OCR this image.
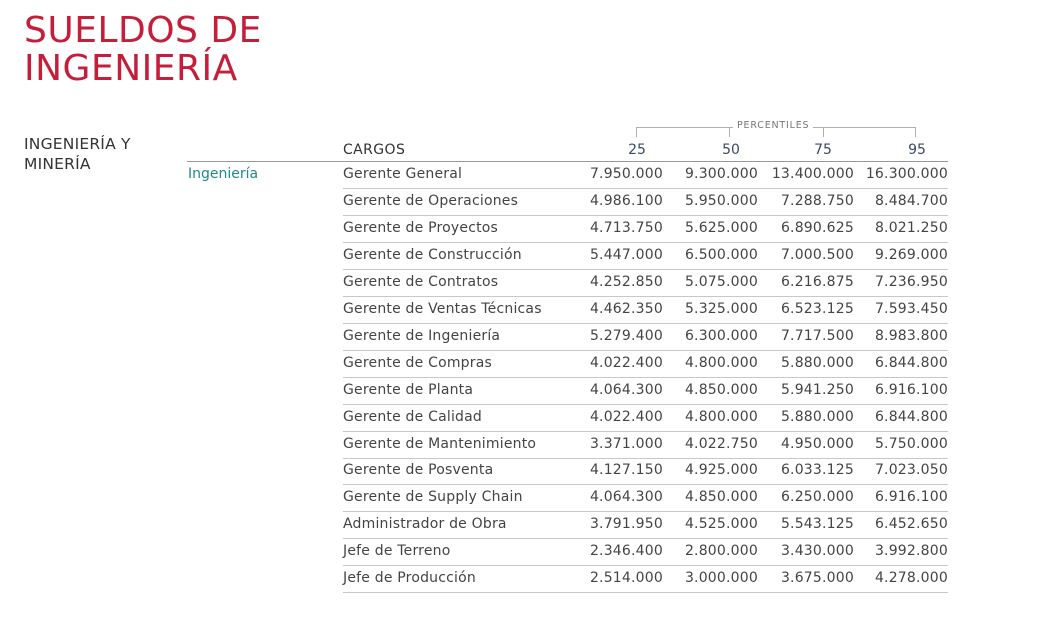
SUELDOS DE
INGENIERÍA
INGENIERÍA Y
MINERÍA
Ingeniería
PERCENTILES
CARGOS	25	50	75	95
Gerente General	7.950.000	9.300.000 13.400.000 16.300.000
Gerente de Operaciones	4.986.100	5.950.000	7.288.750	8.484.700
Gerente de Proyectos	4.713.750	5.625.000	6.890.625	8.021.250
Gerente de Construcción	5.447.000	6.500.000	7.000.500	9.269.000
Gerente de Contratos	4.252.850	5.075.000	6.216.875	7.236.950
Gerente de Ventas Técnicas	4.462.350	5.325.000	6.523.125	7.593.450
Gerente de Ingeniería	5.279.400	6.300.000	7.717.500	8.983.800
Gerente de Compras	4.022.400	4.800.000	5.880.000	6.844.800
Gerente de Planta	4.064.300	4.850.000	5.941.250	6.916.100
Gerente de Calidad	4.022.400	4.800.000	5.880.000	6.844.800
Gerente de Mantenimiento	3.371.000	4.022.750	4.950.000	5.750.000
Gerente de Posventa	4.127.150	4.925.000	6.033.125	7.023.050
Gerente de Supply Chain	4.064.300	4.850.000	6.250.000	6.916.100
Administrador de Obra	3.791.950	4.525.000	5.543.125	6.452.650
Jefe de Terreno	2.346.400	2.800.000	3.430.000	3.992.800
Jefe de Producción	2.514.000	3.000.000	3.675.000	4.278.000
